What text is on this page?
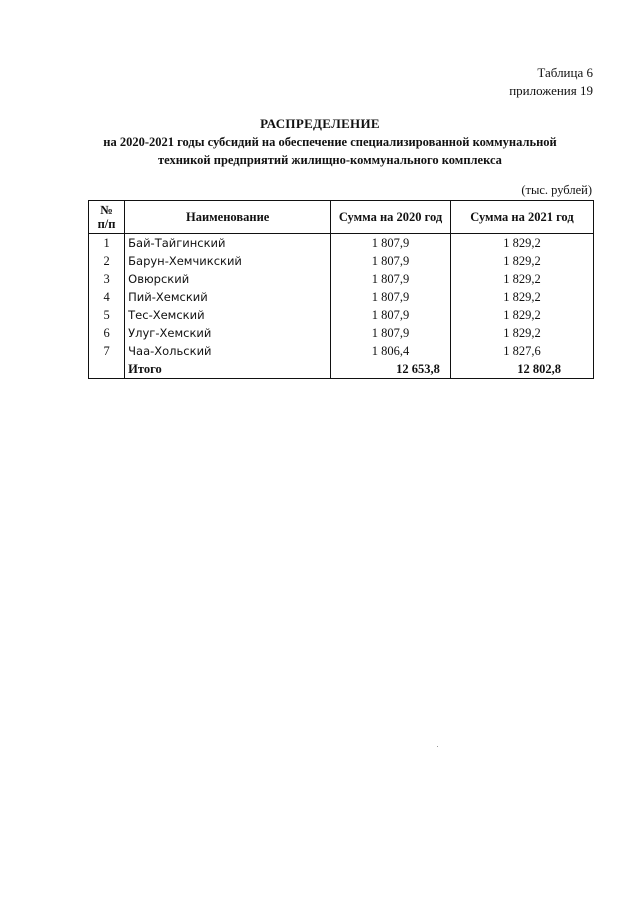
Таблица 6
приложения 19
РАСПРЕДЕЛЕНИЕ
на 2020-2021 годы субсидий на обеспечение специализированной коммунальной техникой предприятий жилищно-коммунального комплекса
(тыс. рублей)
№ п/п	Наименование	Сумма на 2020 год	Сумма на 2021 год
1	Бай-Тайгинский	1 807,9	1 829,2
2	Барун-Хемчикский	1 807,9	1 829,2
3	Овюрский	1 807,9	1 829,2
4	Пий-Хемский	1 807,9	1 829,2
5	Тес-Хемский	1 807,9	1 829,2
6	Улуг-Хемский	1 807,9	1 829,2
7	Чаа-Хольский	1 806,4	1 827,6
	Итого	12 653,8	12 802,8
